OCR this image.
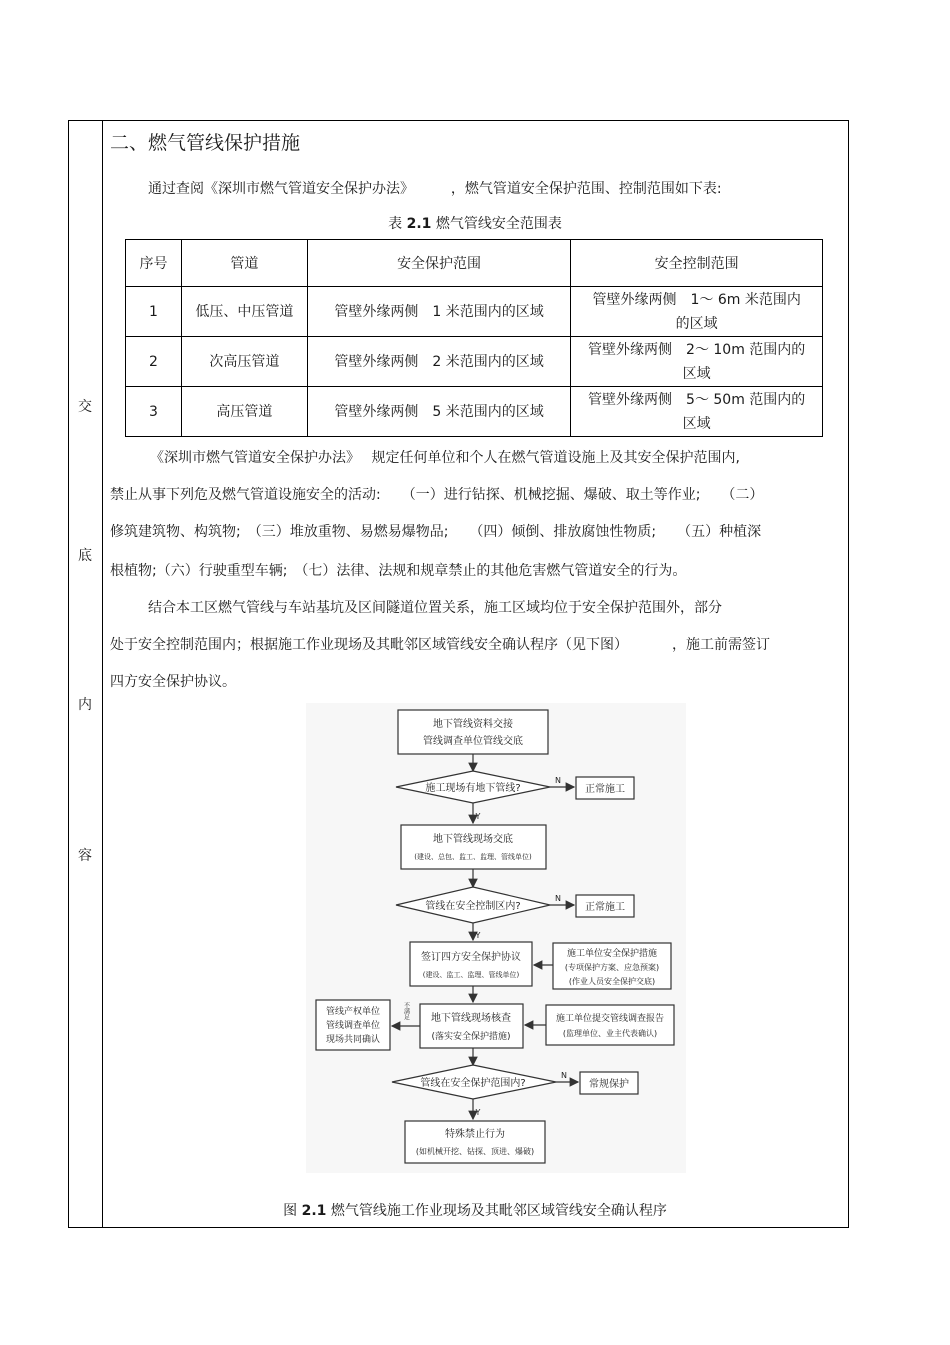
交
底
内
容
二、燃气管线保护措施
通过查阅《深圳市燃气管道安全保护办法》	，燃气管道安全保护范围、控制范围如下表:
表 2.1 燃气管线安全范围表
序号	管道	安全保护范围	安全控制范围
1	低压、中压管道	管壁外缘两侧　1 米范围内的区域	管壁外缘两侧　1～ 6m 米范围内
的区域
2	次高压管道	管壁外缘两侧　2 米范围内的区域	管壁外缘两侧　2～ 10m 范围内的
区域
3	高压管道	管壁外缘两侧　5 米范围内的区域	管壁外缘两侧　5～ 50m 范围内的
区域
《深圳市燃气管道安全保护办法》　 规定任何单位和个人在燃气管道设施上及其安全保护范围内,
禁止从事下列危及燃气管道设施安全的活动:　　（一）进行钻探、机械挖掘、爆破、取土等作业;　　（二）
修筑建筑物、构筑物;　（三）堆放重物、易燃易爆物品;　　（四）倾倒、排放腐蚀性物质;　　（五）种植深
根植物;（六）行驶重型车辆;　（七）法律、法规和规章禁止的其他危害燃气管道安全的行为。
结合本工区燃气管线与车站基坑及区间隧道位置关系，施工区域均位于安全保护范围外，部分
处于安全控制范围内；根据施工作业现场及其毗邻区域管线安全确认程序（见下图）	，施工前需签订
四方安全保护协议。
地下管线资料交接
管线调查单位管线交底
施工现场有地下管线?	正常施工
地下管线现场交底
(建设、总包、监工、监理、管线单位)
管线在安全控制区内?	正常施工
签订四方安全保护协议
(建设、监工、监理、管线单位)
施工单位安全保护措施
(专项保护方案、应急预案)
(作业人员安全保护交底)
地下管线现场核查
(落实安全保护措施)
施工单位提交管线调查报告
(监理单位、业主代表确认)
管线产权单位
管线调查单位
现场共同确认
不满足
管线在安全保护范围内?	常规保护
特殊禁止行为
(如机械开挖、钻探、顶进、爆破)
Y
Y
Y
N
N
N
图 2.1 燃气管线施工作业现场及其毗邻区域管线安全确认程序
